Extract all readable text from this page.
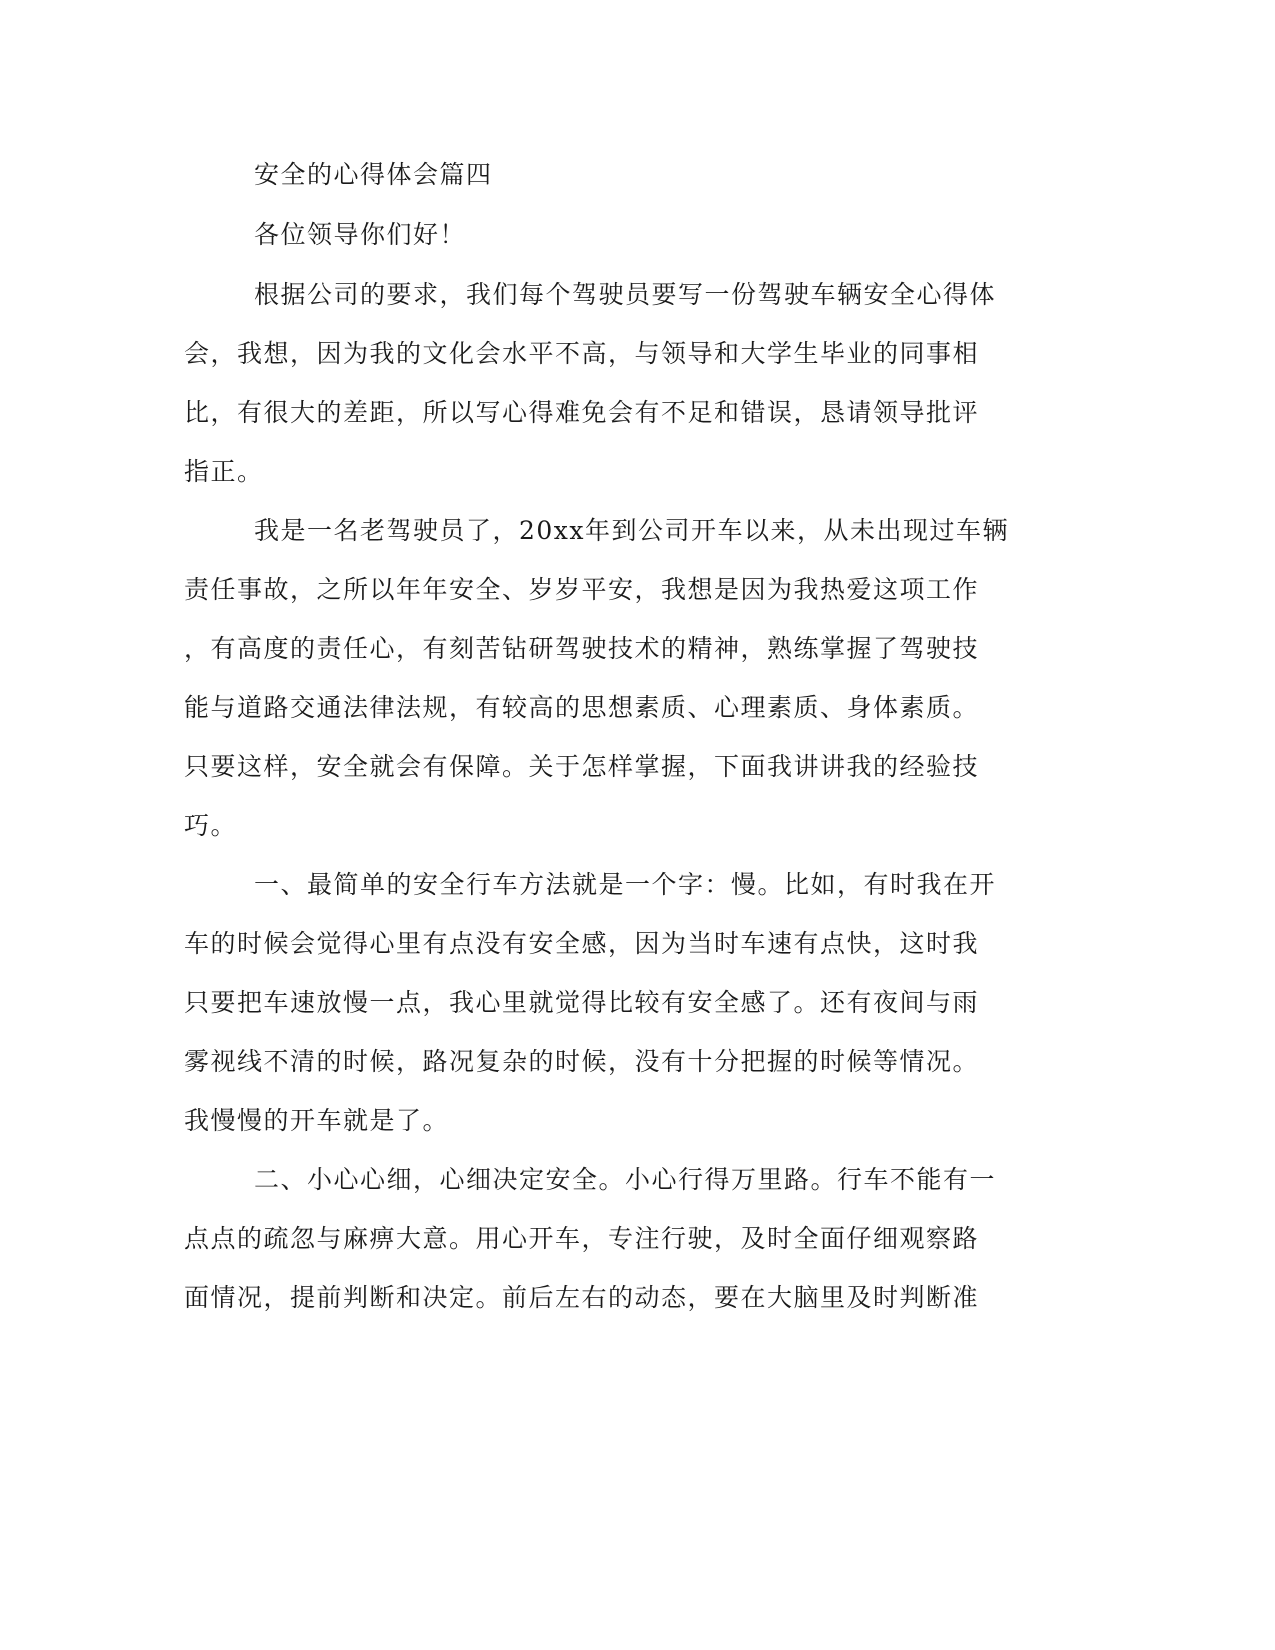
安全的心得体会篇四
各位领导你们好！
根据公司的要求，我们每个驾驶员要写一份驾驶车辆安全心得体
会，我想，因为我的文化会水平不高，与领导和大学生毕业的同事相
比，有很大的差距，所以写心得难免会有不足和错误，恳请领导批评
指正。
我是一名老驾驶员了，20xx年到公司开车以来，从未出现过车辆
责任事故，之所以年年安全、岁岁平安，我想是因为我热爱这项工作
，有高度的责任心，有刻苦钻研驾驶技术的精神，熟练掌握了驾驶技
能与道路交通法律法规，有较高的思想素质、心理素质、身体素质。
只要这样，安全就会有保障。关于怎样掌握，下面我讲讲我的经验技
巧。
一、最简单的安全行车方法就是一个字：慢。比如，有时我在开
车的时候会觉得心里有点没有安全感，因为当时车速有点快，这时我
只要把车速放慢一点，我心里就觉得比较有安全感了。还有夜间与雨
雾视线不清的时候，路况复杂的时候，没有十分把握的时候等情况。
我慢慢的开车就是了。
二、小心心细，心细决定安全。小心行得万里路。行车不能有一
点点的疏忽与麻痹大意。用心开车，专注行驶，及时全面仔细观察路
面情况，提前判断和决定。前后左右的动态，要在大脑里及时判断准
